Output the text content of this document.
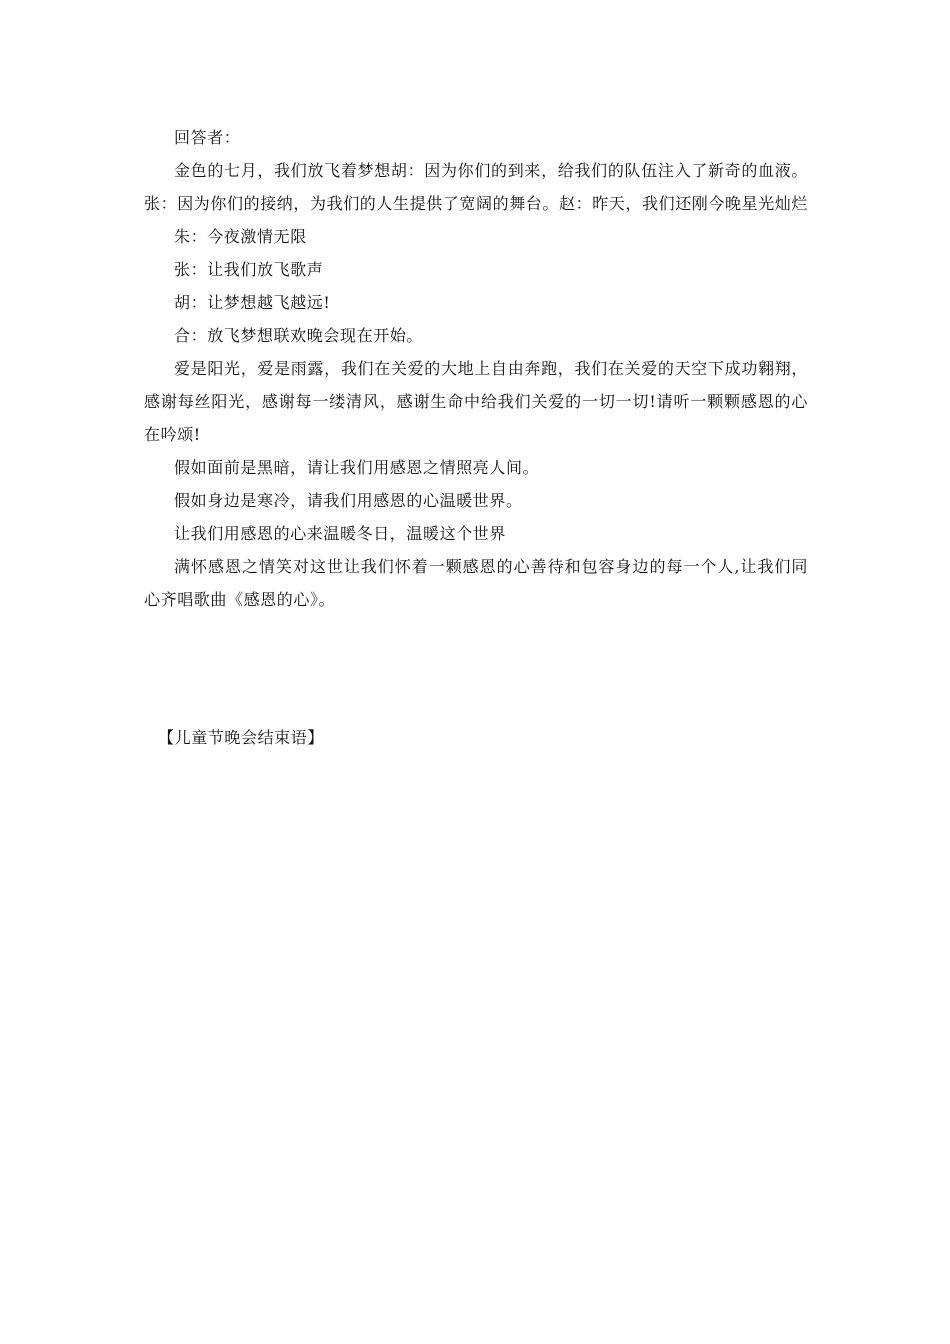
回答者：

金色的七月，我们放飞着梦想胡：因为你们的到来，给我们的队伍注入了新奇的血液。张：因为你们的接纳，为我们的人生提供了宽阔的舞台。赵：昨天，我们还刚今晚星光灿烂

朱：今夜激情无限

张：让我们放飞歌声

胡：让梦想越飞越远!

合：放飞梦想联欢晚会现在开始。

爱是阳光，爱是雨露，我们在关爱的大地上自由奔跑，我们在关爱的天空下成功翱翔，感谢每丝阳光，感谢每一缕清风，感谢生命中给我们关爱的一切一切!请听一颗颗感恩的心在吟颂!

假如面前是黑暗，请让我们用感恩之情照亮人间。

假如身边是寒冷，请我们用感恩的心温暖世界。

让我们用感恩的心来温暖冬日，温暖这个世界

满怀感恩之情笑对这世让我们怀着一颗感恩的心善待和包容身边的每一个人,让我们同心齐唱歌曲《感恩的心》。

【儿童节晚会结束语】
